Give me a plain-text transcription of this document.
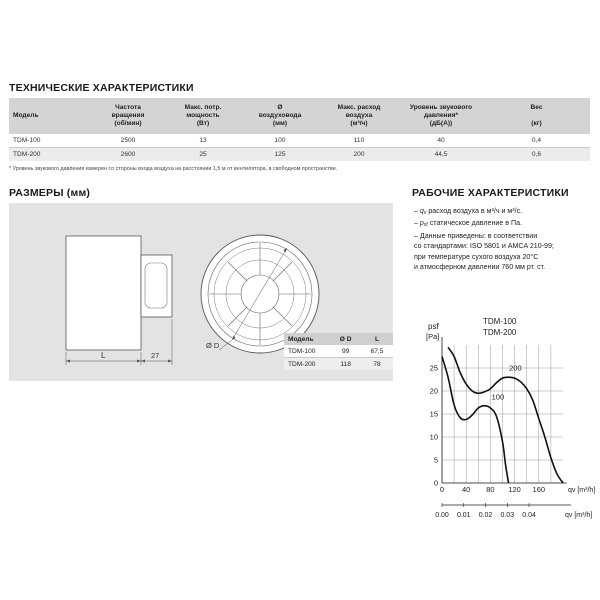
ТЕХНИЧЕСКИЕ ХАРАКТЕРИСТИКИ
Модель	Частота
вращения
(об/мин)	Макс. потр.
мощность
(Вт)	Ø
воздуховода
(мм)	Макс. расход
воздуха
(м³/ч)	Уровень звукового
давления*
(дБ(А))	Вес

(кг)
TDM-100	2500	13	100	110	40	0,4
TDM-200	2600	25	125	200	44,5	0,6
* Уровень звукового давления измерен со стороны входа воздуха на расстоянии 1,5 м от вентилятора, в свободном пространстве.
РАЗМЕРЫ (мм)
L	27
Ø D
Модель	Ø D	L
TDM-100	99	67,5
TDM-200	118	78
РАБОЧИЕ ХАРАКТЕРИСТИКИ
– $q_v$ расход воздуха в м³/ч и м³/с.
– $p_{sf}$ статическое давление в Па.
– Данные приведены: в соответствии
со стандартами: ISO 5801 и AMCA 210-99;
при температуре сухого воздуха 20°C
и атмосферном давлении 760 мм рт. ст.
0
5
10
15
20
25
0 40 80 120 160	qv [m³/h]
0.00 0.01 0.02 0.03 0.04	qv [m³/h]
psf
[Pa]
TDM-100
TDM-200
100
200
